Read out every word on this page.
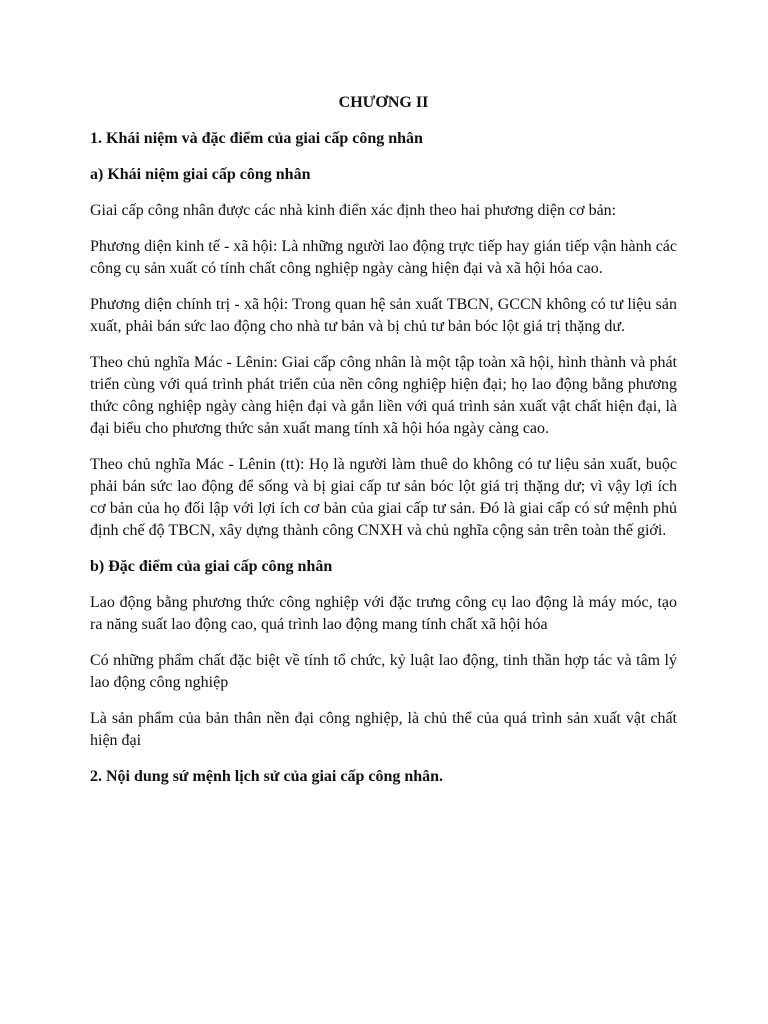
CHƯƠNG II
1. Khái niệm và đặc điểm của giai cấp công nhân
a) Khái niệm giai cấp công nhân

Giai cấp công nhân được các nhà kinh điển xác định theo hai phương diện cơ bản:

Phương diện kinh tế - xã hội: Là những người lao động trực tiếp hay gián tiếp vận hành các công cụ sản xuất có tính chất công nghiệp ngày càng hiện đại và xã hội hóa cao.

Phương diện chính trị - xã hội: Trong quan hệ sản xuất TBCN, GCCN không có tư liệu sản xuất, phải bán sức lao động cho nhà tư bản và bị chủ tư bản bóc lột giá trị thặng dư.

Theo chủ nghĩa Mác - Lênin: Giai cấp công nhân là một tập toàn xã hội, hình thành và phát triển cùng với quá trình phát triển của nền công nghiệp hiện đại; họ lao động bằng phương thức công nghiệp ngày càng hiện đại và gắn liền với quá trình sản xuất vật chất hiện đại, là đại biểu cho phương thức sản xuất mang tính xã hội hóa ngày càng cao.

Theo chủ nghĩa Mác - Lênin (tt): Họ là người làm thuê do không có tư liệu sản xuất, buộc phải bán sức lao động để sống và bị giai cấp tư sản bóc lột giá trị thặng dư; vì vậy lợi ích cơ bản của họ đối lập với lợi ích cơ bản của giai cấp tư sản. Đó là giai cấp có sứ mệnh phủ định chế độ TBCN, xây dựng thành công CNXH và chủ nghĩa cộng sản trên toàn thế giới.

b) Đặc điểm của giai cấp công nhân

Lao động bằng phương thức công nghiệp với đặc trưng công cụ lao động là máy móc, tạo ra năng suất lao động cao, quá trình lao động mang tính chất xã hội hóa

Có những phẩm chất đặc biệt về tính tổ chức, kỷ luật lao động, tinh thần hợp tác và tâm lý lao động công nghiệp

Là sản phẩm của bản thân nền đại công nghiệp, là chủ thể của quá trình sản xuất vật chất hiện đại

2. Nội dung sứ mệnh lịch sử của giai cấp công nhân.
